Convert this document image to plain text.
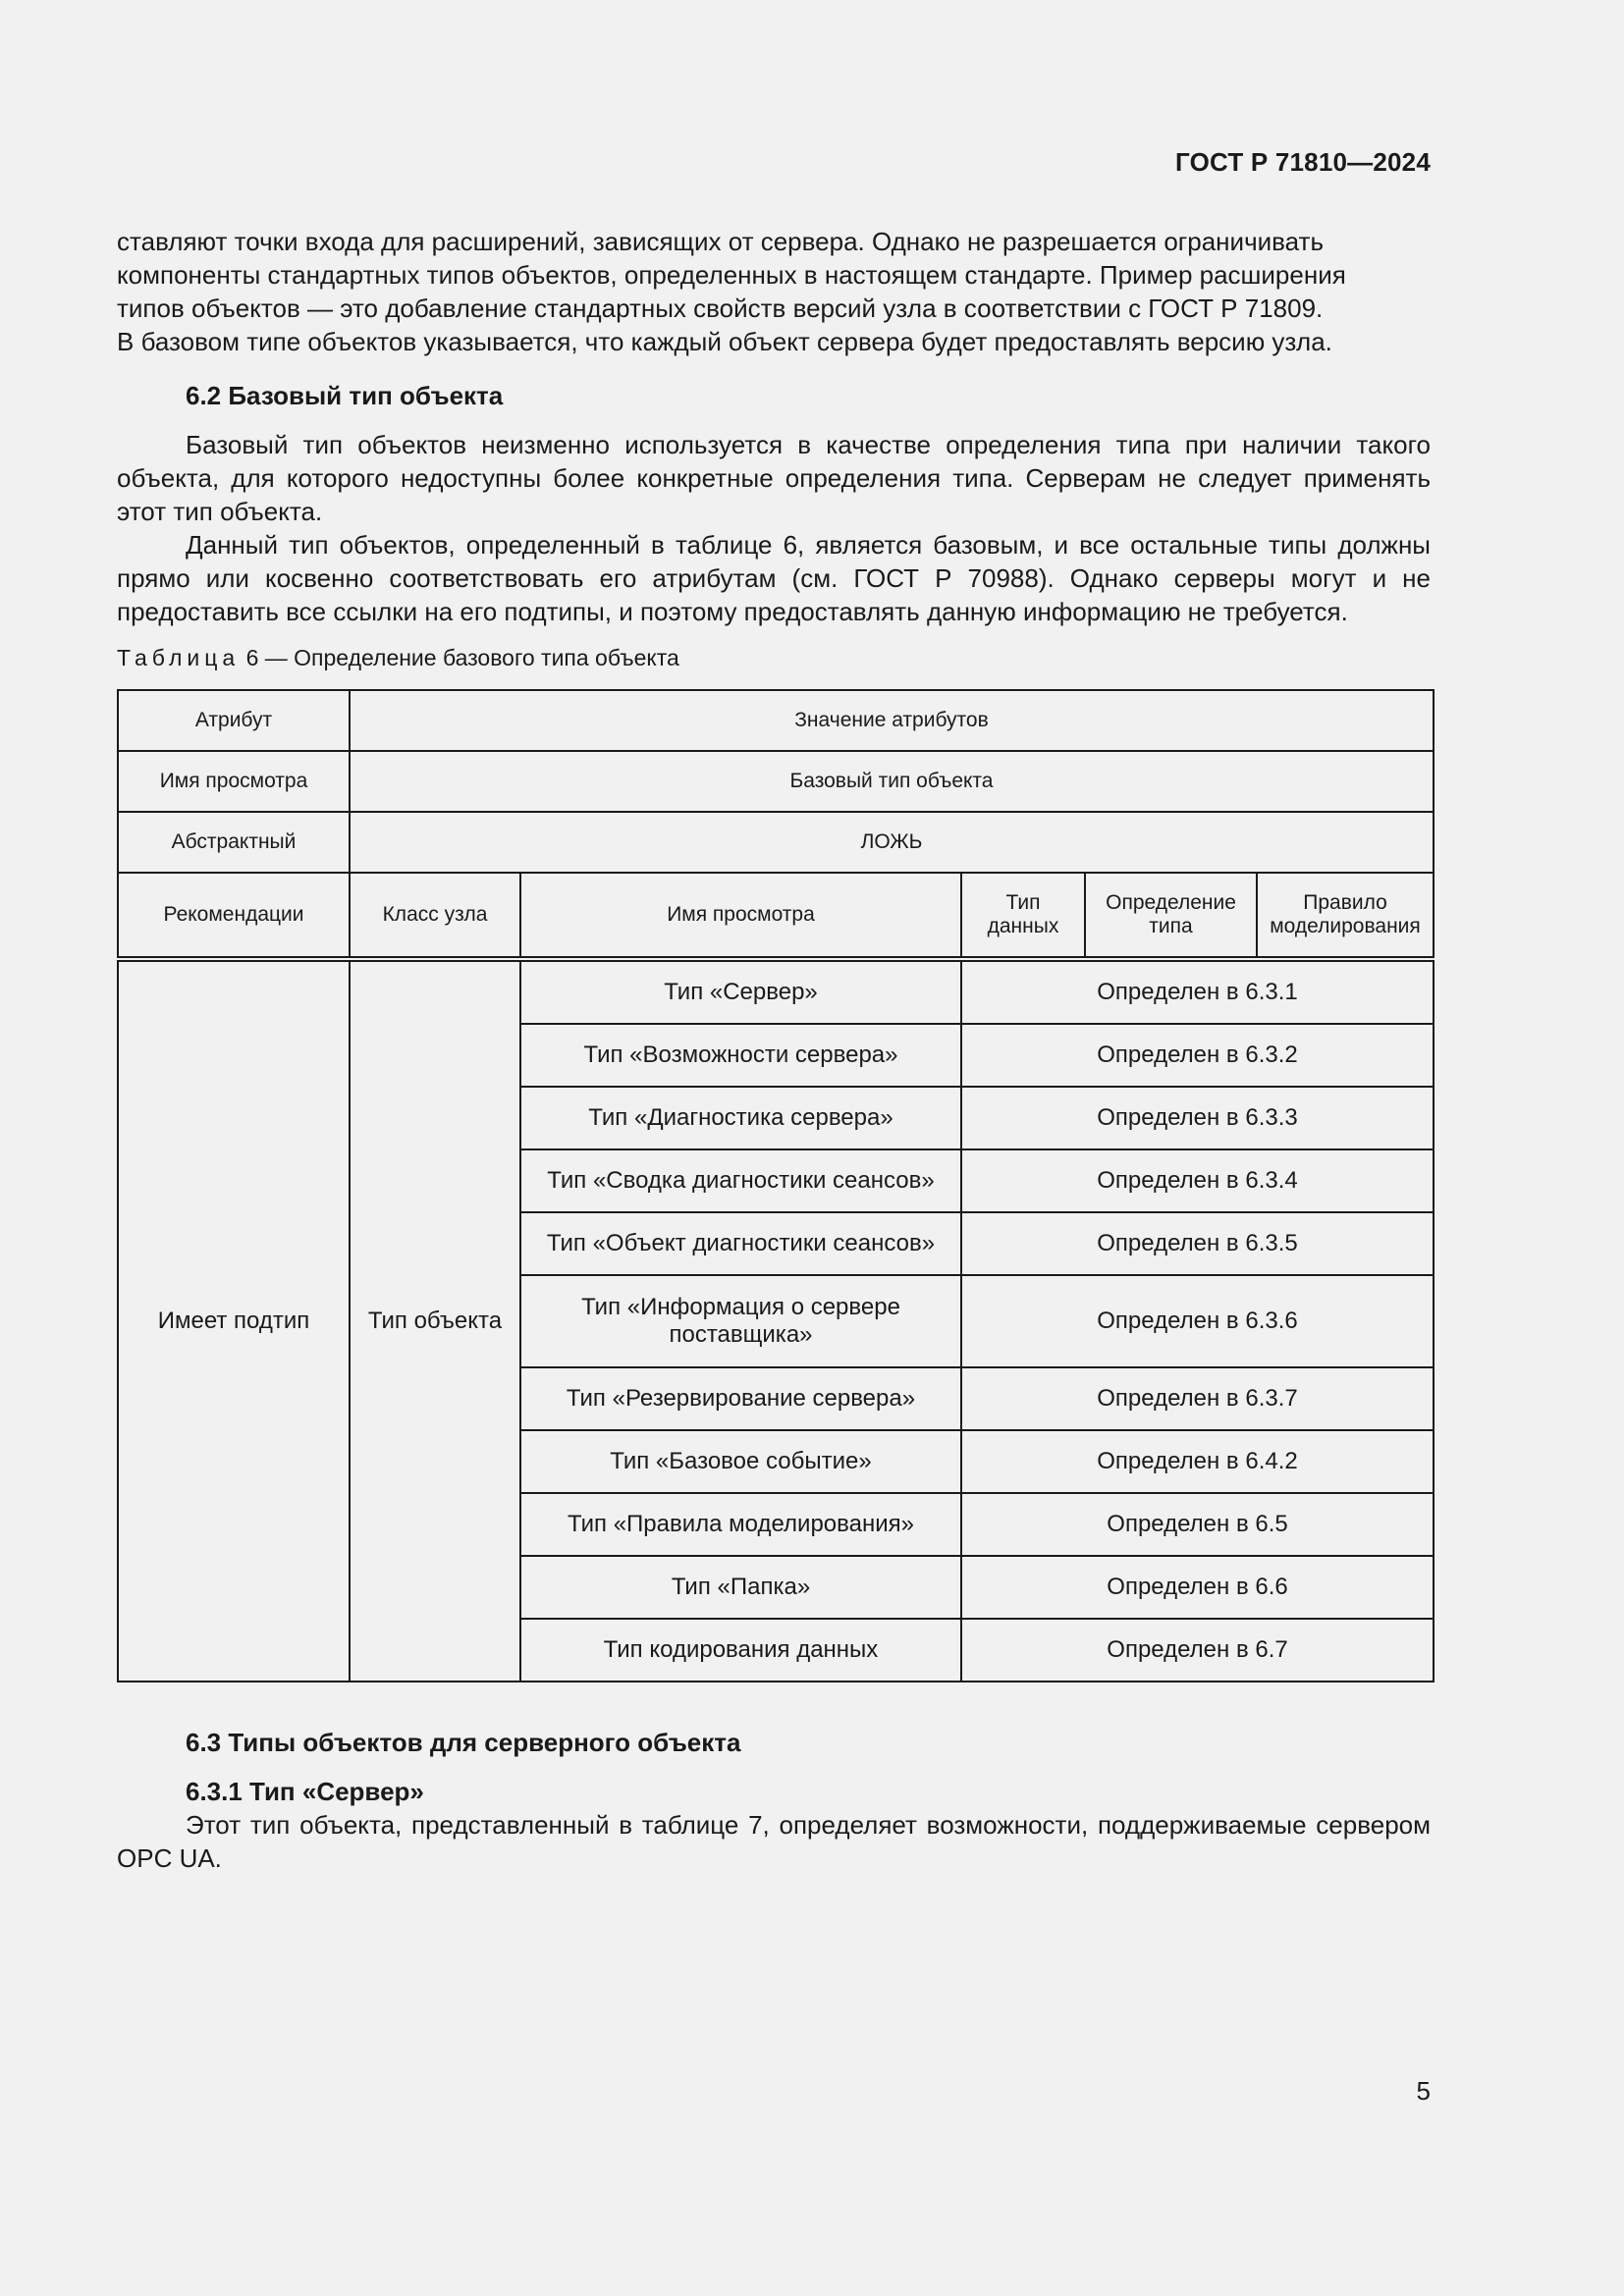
ГОСТ Р 71810—2024

ставляют точки входа для расширений, зависящих от сервера. Однако не разрешается ограничивать

компоненты стандартных типов объектов, определенных в настоящем стандарте. Пример расширения

типов объектов — это добавление стандартных свойств версий узла в соответствии с ГОСТ Р 71809.

В базовом типе объектов указывается, что каждый объект сервера будет предоставлять версию узла.

6.2 Базовый тип объекта

Базовый тип объектов неизменно используется в качестве определения типа при наличии такого объекта, для которого недоступны более конкретные определения типа. Серверам не следует применять этот тип объекта.

Данный тип объектов, определенный в таблице 6, является базовым, и все остальные типы должны прямо или косвенно соответствовать его атрибутам (см. ГОСТ Р 70988). Однако серверы могут и не предоставить все ссылки на его подтипы, и поэтому предоставлять данную информацию не требуется.

Таблица 6 — Определение базового типа объекта
Атрибут	Значение атрибутов				
Имя просмотра	Базовый тип объекта				
Абстрактный	ЛОЖЬ				
Рекомендации	Класс узла	Имя просмотра	Тип данных	Определение типа	Правило моделирования
Имеет подтип	Тип объекта	Тип «Сервер»	Определен в 6.3.1		
		Тип «Возможности сервера»	Определен в 6.3.2		
		Тип «Диагностика сервера»	Определен в 6.3.3		
		Тип «Сводка диагностики сеансов»	Определен в 6.3.4		
		Тип «Объект диагностики сеансов»	Определен в 6.3.5		
		Тип «Информация о сервере поставщика»	Определен в 6.3.6		
		Тип «Резервирование сервера»	Определен в 6.3.7		
		Тип «Базовое событие»	Определен в 6.4.2		
		Тип «Правила моделирования»	Определен в 6.5		
		Тип «Папка»	Определен в 6.6		
		Тип кодирования данных	Определен в 6.7		
6.3 Типы объектов для серверного объекта
6.3.1 Тип «Сервер»

Этот тип объекта, представленный в таблице 7, определяет возможности, поддерживаемые сервером OPC UA.

5
